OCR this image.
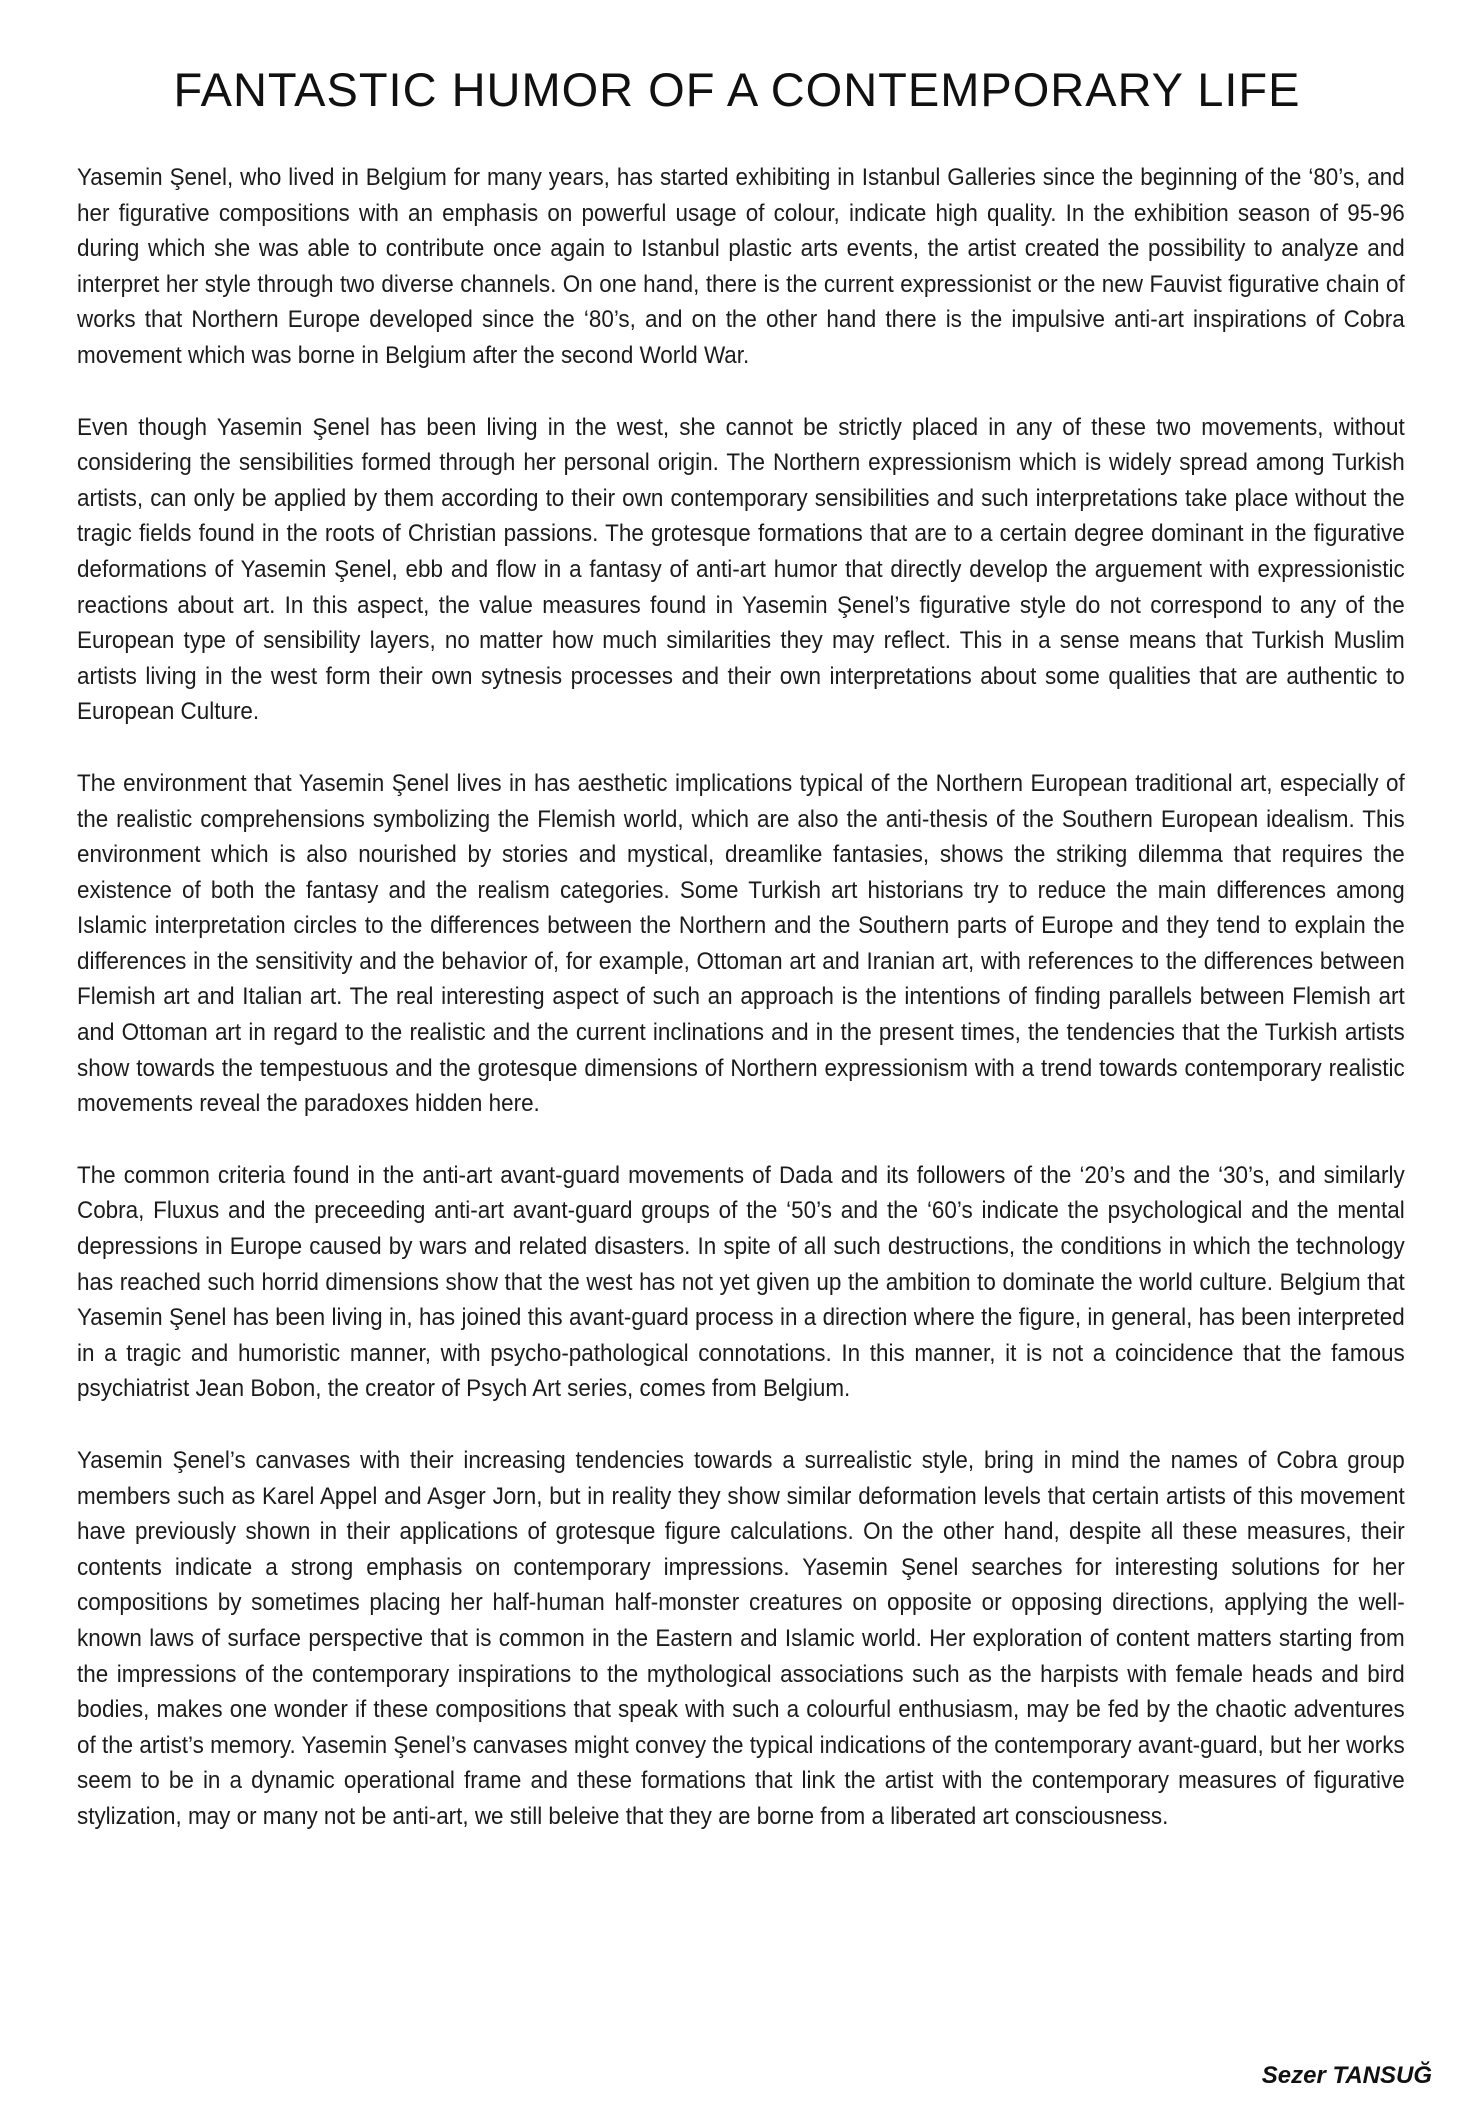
FANTASTIC HUMOR OF A CONTEMPORARY LIFE

Yasemin Şenel, who lived in Belgium for many years, has started exhibiting in Istanbul Galleries since the beginning of the ‘80’s, and her figurative compositions with an emphasis on powerful usage of colour, indicate high quality. In the exhibition season of 95-96 during which she was able to contribute once again to Istanbul plastic arts events, the artist created the possibility to analyze and interpret her style through two diverse channels. On one hand, there is the current expressionist or the new Fauvist figurative chain of works that Northern Europe developed since the ‘80’s, and on the other hand there is the impulsive anti-art inspirations of Cobra movement which was borne in Belgium after the second World War.

Even though Yasemin Şenel has been living in the west, she cannot be strictly placed in any of these two movements, without considering the sensibilities formed through her personal origin. The Northern expressionism which is widely spread among Turkish artists, can only be applied by them according to their own contemporary sensibilities and such interpretations take place without the tragic fields found in the roots of Christian passions. The grotesque formations that are to a certain degree dominant in the figurative deformations of Yasemin Şenel, ebb and flow in a fantasy of anti-art humor that directly develop the arguement with expressionistic reactions about art. In this aspect, the value measures found in Yasemin Şenel’s figurative style do not correspond to any of the European type of sensibility layers, no matter how much similarities they may reflect. This in a sense means that Turkish Muslim artists living in the west form their own sytnesis processes and their own interpretations about some qualities that are authentic to European Culture.

The environment that Yasemin Şenel lives in has aesthetic implications typical of the Northern European traditional art, especially of the realistic comprehensions symbolizing the Flemish world, which are also the anti-thesis of the Southern European idealism. This environment which is also nourished by stories and mystical, dreamlike fantasies, shows the striking dilemma that requires the existence of both the fantasy and the realism categories. Some Turkish art historians try to reduce the main differences among Islamic interpretation circles to the differences between the Northern and the Southern parts of Europe and they tend to explain the differences in the sensitivity and the behavior of, for example, Ottoman art and Iranian art, with references to the differences between Flemish art and Italian art. The real interesting aspect of such an approach is the intentions of finding parallels between Flemish art and Ottoman art in regard to the realistic and the current inclinations and in the present times, the tendencies that the Turkish artists show towards the tempestuous and the grotesque dimensions of Northern expressionism with a trend towards contemporary realistic movements reveal the paradoxes hidden here.

The common criteria found in the anti-art avant-guard movements of Dada and its followers of the ‘20’s and the ‘30’s, and similarly Cobra, Fluxus and the preceeding anti-art avant-guard groups of the ‘50’s and the ‘60’s indicate the psychological and the mental depressions in Europe caused by wars and related disasters. In spite of all such destructions, the conditions in which the technology has reached such horrid dimensions show that the west has not yet given up the ambition to dominate the world culture. Belgium that Yasemin Şenel has been living in, has joined this avant-guard process in a direction where the figure, in general, has been interpreted in a tragic and humoristic manner, with psycho-pathological connotations. In this manner, it is not a coincidence that the famous psychiatrist Jean Bobon, the creator of Psych Art series, comes from Belgium.

Yasemin Şenel’s canvases with their increasing tendencies towards a surrealistic style, bring in mind the names of Cobra group members such as Karel Appel and Asger Jorn, but in reality they show similar deformation levels that certain artists of this movement have previously shown in their applications of grotesque figure calculations. On the other hand, despite all these measures, their contents indicate a strong emphasis on contemporary impressions. Yasemin Şenel searches for interesting solutions for her compositions by sometimes placing her half-human half-monster creatures on opposite or opposing directions, applying the well-known laws of surface perspective that is common in the Eastern and Islamic world. Her exploration of content matters starting from the impressions of the contemporary inspirations to the mythological associations such as the harpists with female heads and bird bodies, makes one wonder if these compositions that speak with such a colourful enthusiasm, may be fed by the chaotic adventures of the artist’s memory. Yasemin Şenel’s canvases might convey the typical indications of the contemporary avant-guard, but her works seem to be in a dynamic operational frame and these formations that link the artist with the contemporary measures of figurative stylization, may or many not be anti-art, we still beleive that they are borne from a liberated art consciousness.

Sezer TANSUĞ
